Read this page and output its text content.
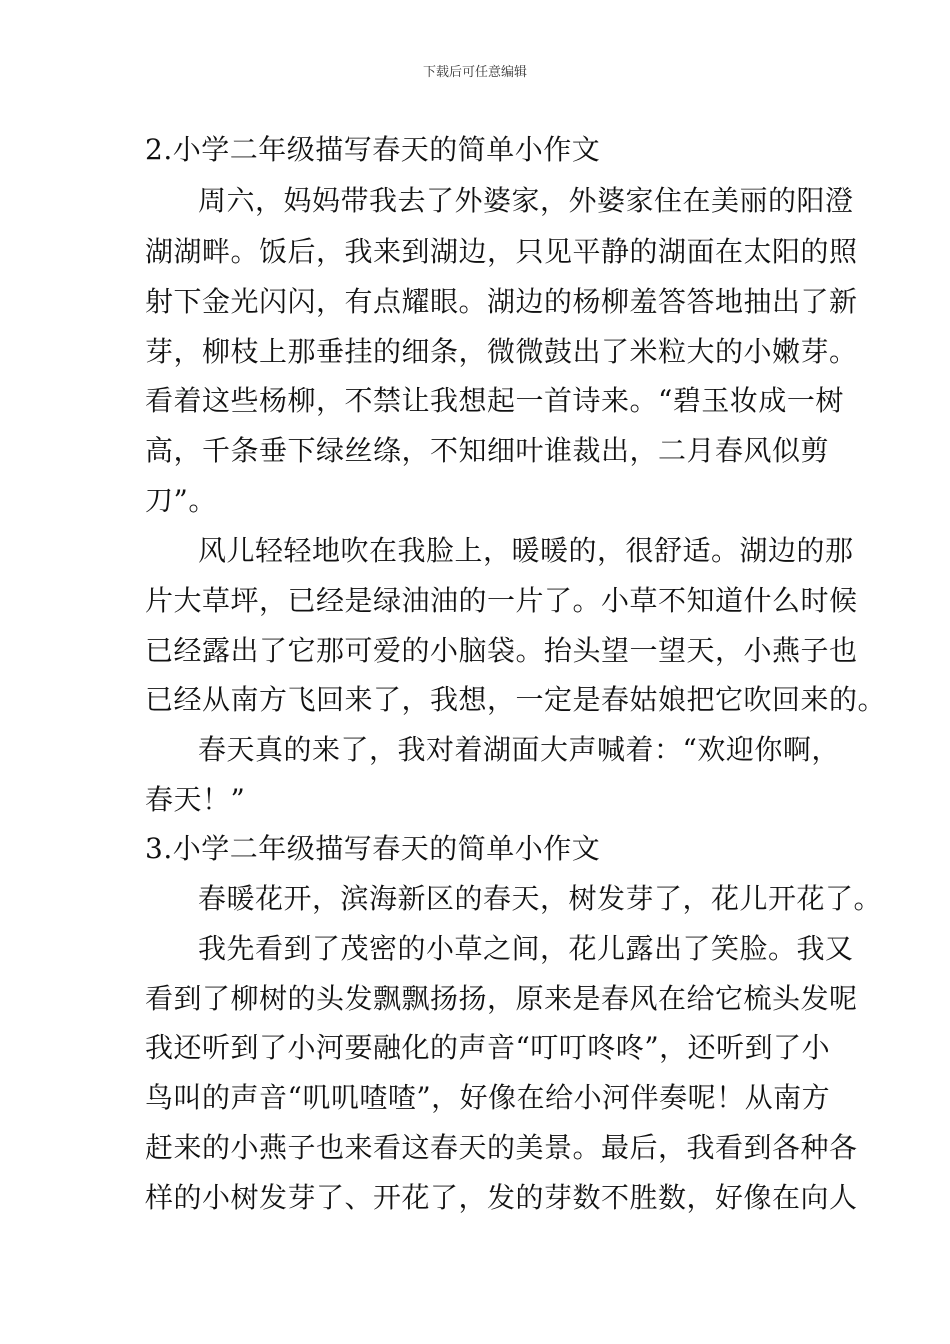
下载后可任意编辑
2.小学二年级描写春天的简单小作文
周六，妈妈带我去了外婆家，外婆家住在美丽的阳澄
湖湖畔。饭后，我来到湖边，只见平静的湖面在太阳的照
射下金光闪闪，有点耀眼。湖边的杨柳羞答答地抽出了新
芽，柳枝上那垂挂的细条，微微鼓出了米粒大的小嫩芽。
看着这些杨柳，不禁让我想起一首诗来。“碧玉妆成一树
高，千条垂下绿丝绦，不知细叶谁裁出，二月春风似剪
刀”。
风儿轻轻地吹在我脸上，暖暖的，很舒适。湖边的那
片大草坪，已经是绿油油的一片了。小草不知道什么时候
已经露出了它那可爱的小脑袋。抬头望一望天，小燕子也
已经从南方飞回来了，我想，一定是春姑娘把它吹回来的。
春天真的来了，我对着湖面大声喊着：“欢迎你啊，
春天！”
3.小学二年级描写春天的简单小作文
春暖花开，滨海新区的春天，树发芽了，花儿开花了。
我先看到了茂密的小草之间，花儿露出了笑脸。我又
看到了柳树的头发飘飘扬扬，原来是春风在给它梳头发呢
我还听到了小河要融化的声音“叮叮咚咚”，还听到了小
鸟叫的声音“叽叽喳喳”，好像在给小河伴奏呢！从南方
赶来的小燕子也来看这春天的美景。最后，我看到各种各
样的小树发芽了、开花了，发的芽数不胜数，好像在向人
